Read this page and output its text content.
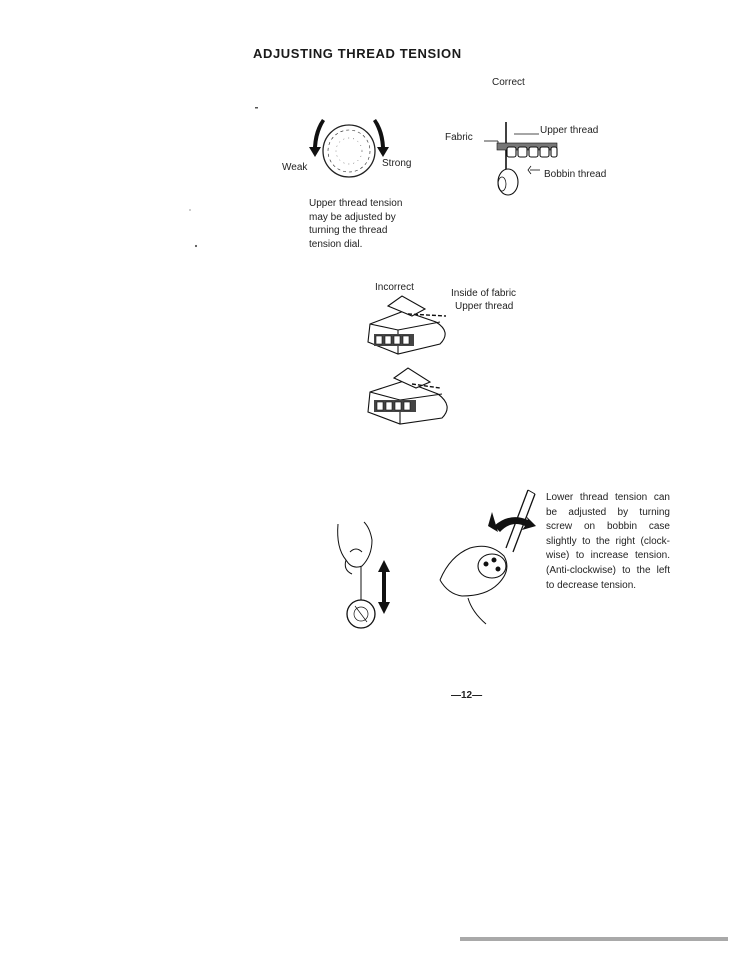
ADJUSTING THREAD TENSION
Weak	Strong
Upper thread tension
may be adjusted by
turning the thread
tension dial.
Correct
Fabric
Upper thread
Bobbin thread
Incorrect
Inside of fabric
Upper thread
Lower thread tension can be adjusted by turning screw on bobbin case slightly to the right (clock-wise) to increase tension. (Anti-clockwise) to the left to decrease tension.
—12—
